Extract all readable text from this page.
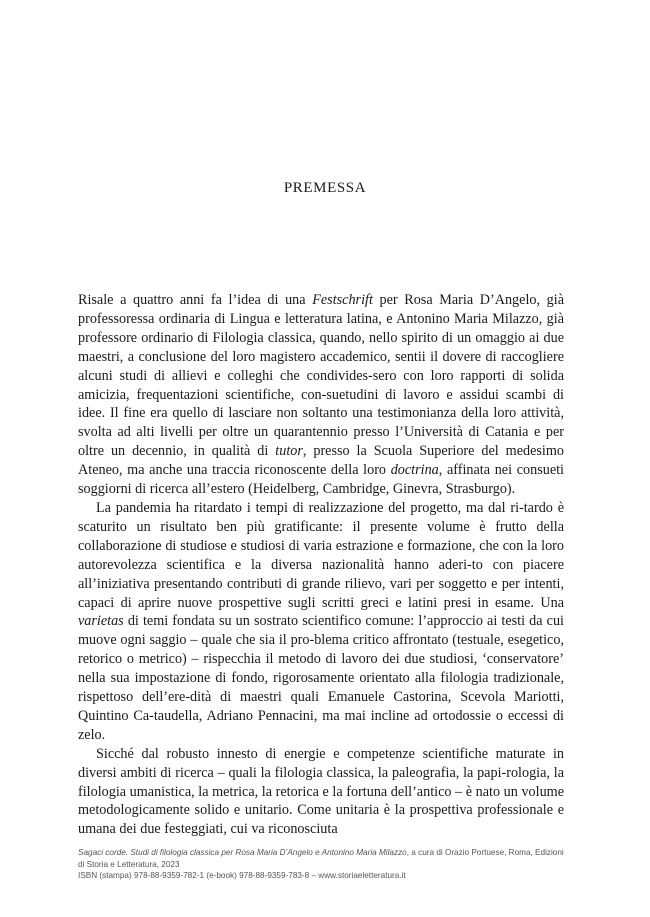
PREMESSA

Risale a quattro anni fa l’idea di una Festschrift per Rosa Maria D’Angelo, già professoressa ordinaria di Lingua e letteratura latina, e Antonino Maria Milazzo, già professore ordinario di Filologia classica, quando, nello spirito di un omaggio ai due maestri, a conclusione del loro magistero accademico, sentii il dovere di raccogliere alcuni studi di allievi e colleghi che condivides-sero con loro rapporti di solida amicizia, frequentazioni scientifiche, con-suetudini di lavoro e assidui scambi di idee. Il fine era quello di lasciare non soltanto una testimonianza della loro attività, svolta ad alti livelli per oltre un quarantennio presso l’Università di Catania e per oltre un decennio, in qualità di tutor, presso la Scuola Superiore del medesimo Ateneo, ma anche una traccia riconoscente della loro doctrina, affinata nei consueti soggiorni di ricerca all’estero (Heidelberg, Cambridge, Ginevra, Strasburgo).

La pandemia ha ritardato i tempi di realizzazione del progetto, ma dal ri-tardo è scaturito un risultato ben più gratificante: il presente volume è frutto della collaborazione di studiose e studiosi di varia estrazione e formazione, che con la loro autorevolezza scientifica e la diversa nazionalità hanno aderi-to con piacere all’iniziativa presentando contributi di grande rilievo, vari per soggetto e per intenti, capaci di aprire nuove prospettive sugli scritti greci e latini presi in esame. Una varietas di temi fondata su un sostrato scientifico comune: l’approccio ai testi da cui muove ogni saggio – quale che sia il pro-blema critico affrontato (testuale, esegetico, retorico o metrico) – rispecchia il metodo di lavoro dei due studiosi, ‘conservatore’ nella sua impostazione di fondo, rigorosamente orientato alla filologia tradizionale, rispettoso dell’ere-dità di maestri quali Emanuele Castorina, Scevola Mariotti, Quintino Ca-taudella, Adriano Pennacini, ma mai incline ad ortodossie o eccessi di zelo.

Sicché dal robusto innesto di energie e competenze scientifiche maturate in diversi ambiti di ricerca – quali la filologia classica, la paleografia, la papi-rologia, la filologia umanistica, la metrica, la retorica e la fortuna dell’antico – è nato un volume metodologicamente solido e unitario. Come unitaria è la prospettiva professionale e umana dei due festeggiati, cui va riconosciuta

Sagaci corde. Studi di filologia classica per Rosa Maria D’Angelo e Antonino Maria Milazzo, a cura di Orazio Portuese, Roma, Edizioni di Storia e Letteratura, 2023
ISBN (stampa) 978-88-9359-782-1 (e-book) 978-88-9359-783-8 – www.storiaeletteratura.it
